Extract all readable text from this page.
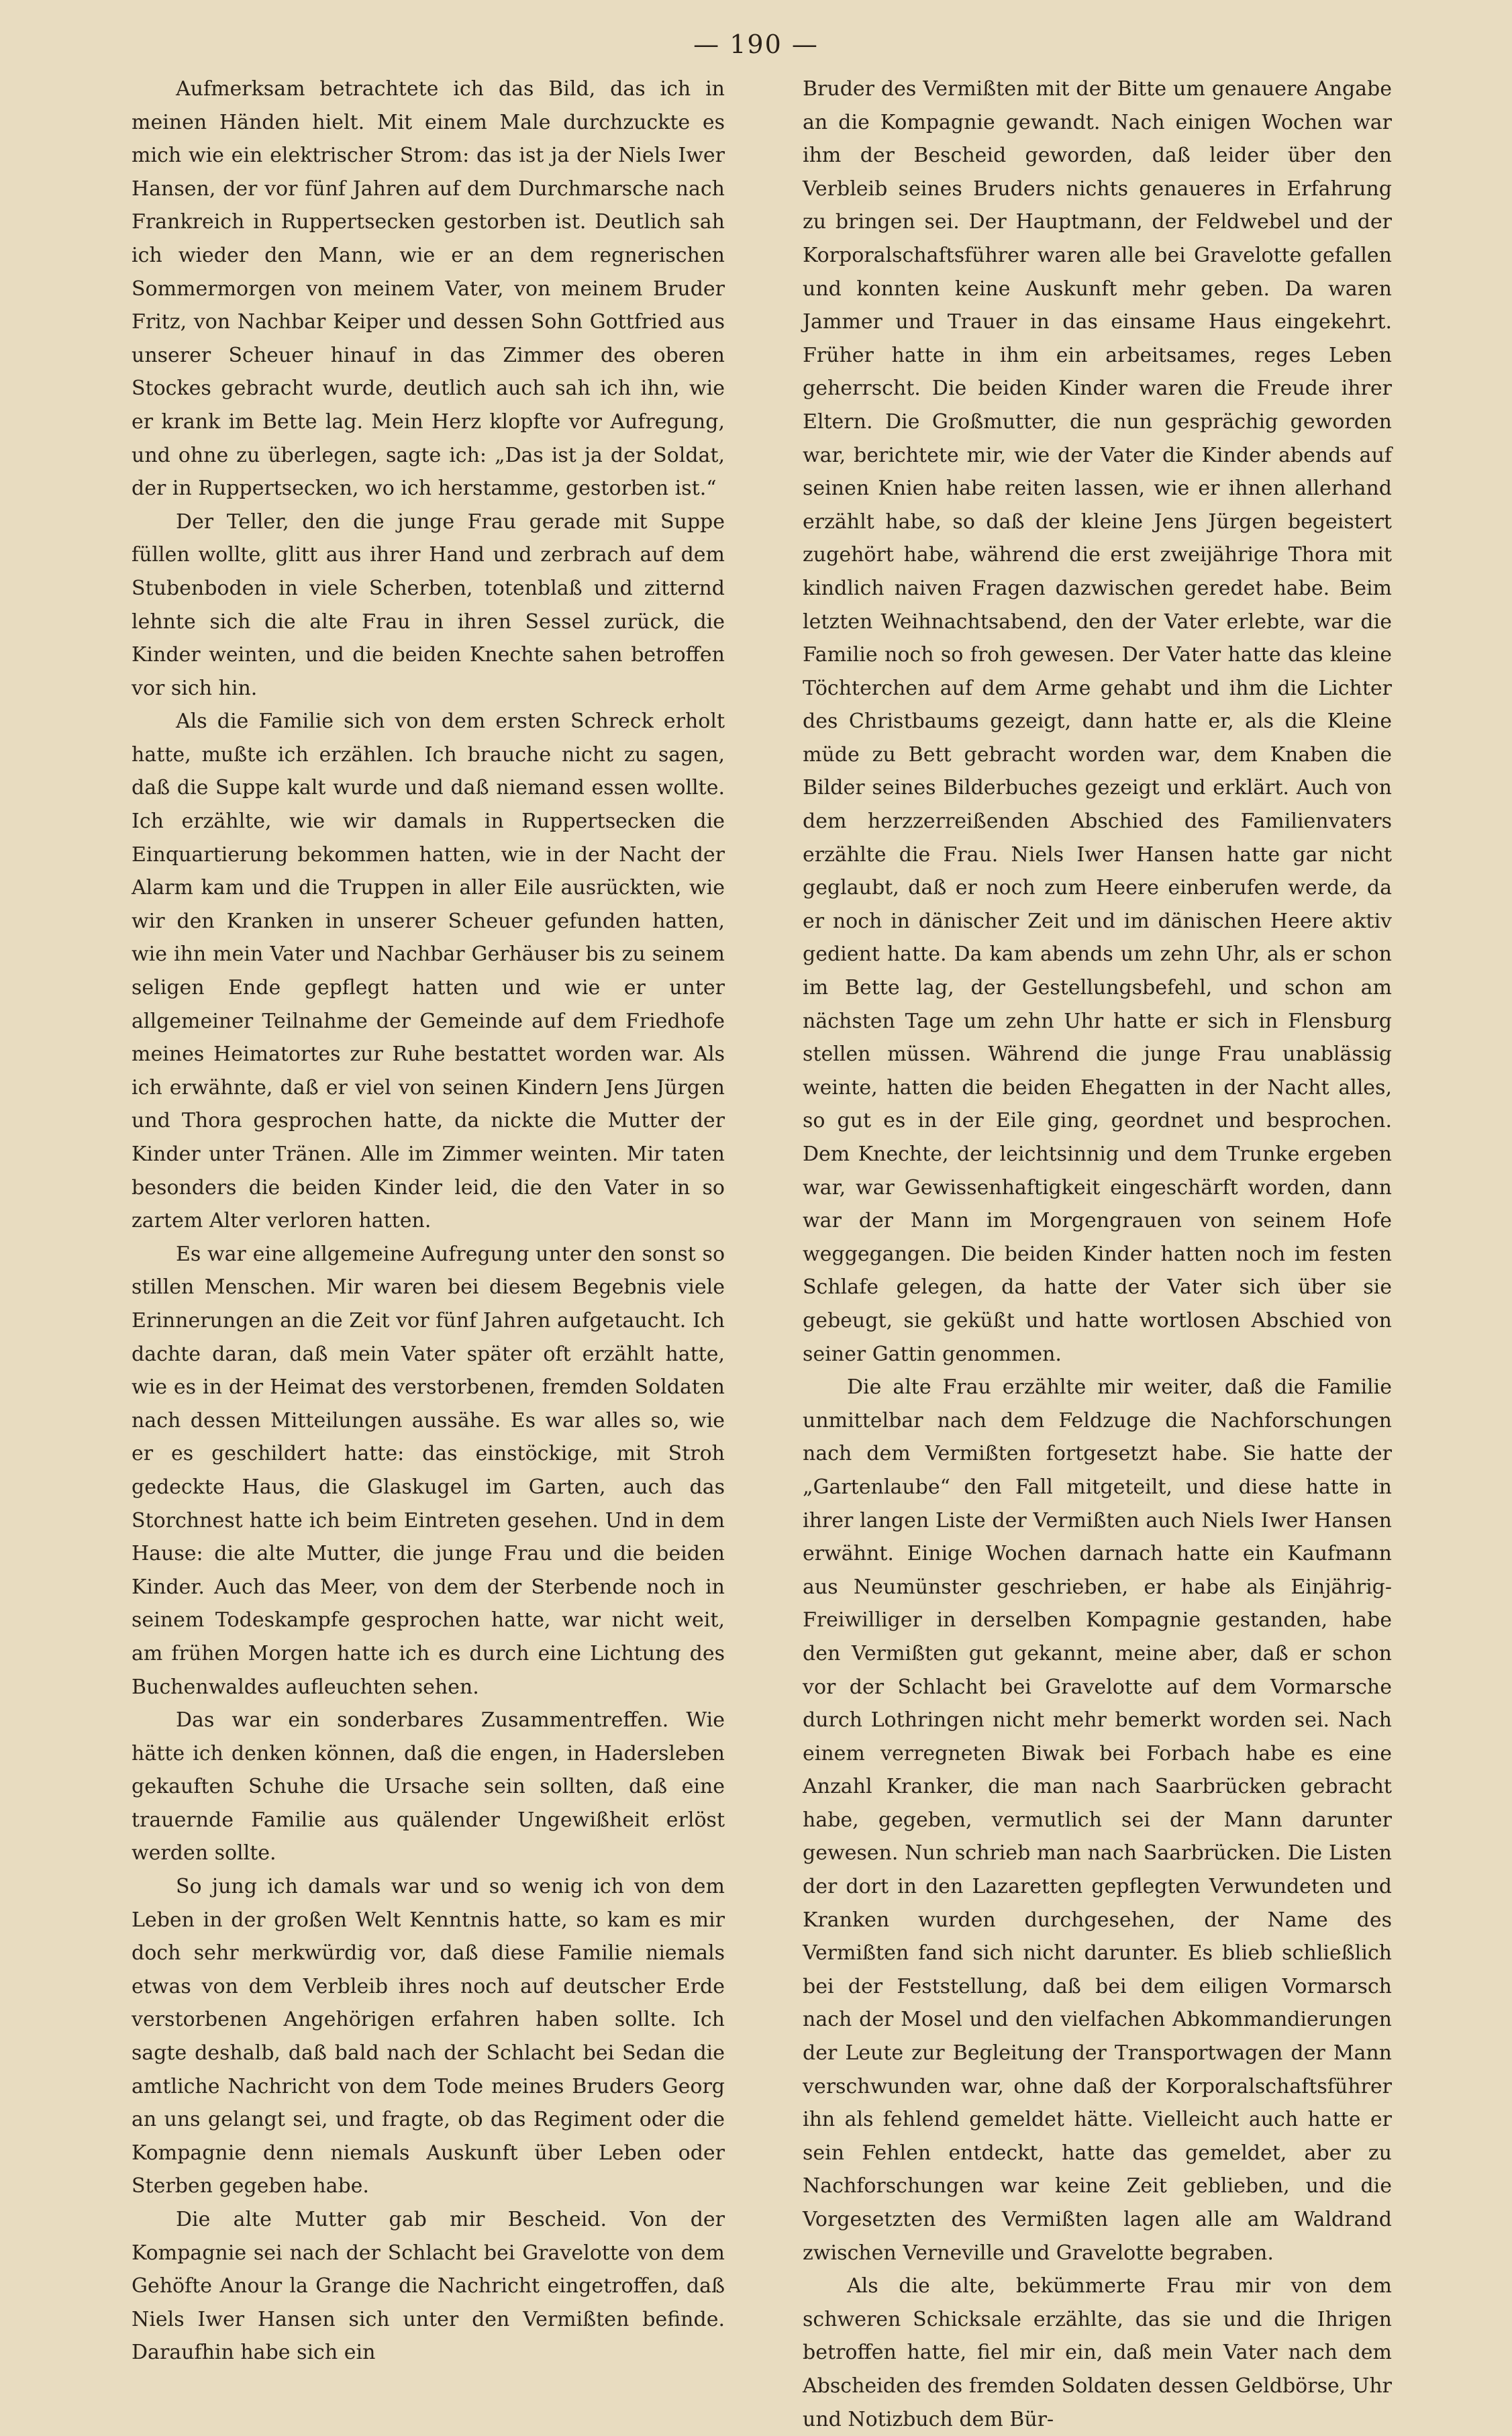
— 190 —

Aufmerksam betrachtete ich das Bild, das ich in meinen Händen hielt. Mit einem Male durchzuckte es mich wie ein elektrischer Strom: das ist ja der Niels Iwer Hansen, der vor fünf Jahren auf dem Durchmarsche nach Frankreich in Ruppertsecken gestorben ist. Deutlich sah ich wieder den Mann, wie er an dem regnerischen Sommermorgen von meinem Vater, von meinem Bruder Fritz, von Nachbar Keiper und dessen Sohn Gottfried aus unserer Scheuer hinauf in das Zimmer des oberen Stockes gebracht wurde, deutlich auch sah ich ihn, wie er krank im Bette lag. Mein Herz klopfte vor Aufregung, und ohne zu überlegen, sagte ich: „Das ist ja der Soldat, der in Ruppertsecken, wo ich herstamme, gestorben ist.“

Der Teller, den die junge Frau gerade mit Suppe füllen wollte, glitt aus ihrer Hand und zerbrach auf dem Stubenboden in viele Scherben, totenblaß und zitternd lehnte sich die alte Frau in ihren Sessel zurück, die Kinder weinten, und die beiden Knechte sahen betroffen vor sich hin.

Als die Familie sich von dem ersten Schreck erholt hatte, mußte ich erzählen. Ich brauche nicht zu sagen, daß die Suppe kalt wurde und daß niemand essen wollte. Ich erzählte, wie wir damals in Ruppertsecken die Einquartierung bekommen hatten, wie in der Nacht der Alarm kam und die Truppen in aller Eile ausrückten, wie wir den Kranken in unserer Scheuer gefunden hatten, wie ihn mein Vater und Nachbar Gerhäuser bis zu seinem seligen Ende gepflegt hatten und wie er unter allgemeiner Teilnahme der Gemeinde auf dem Friedhofe meines Heimatortes zur Ruhe bestattet worden war. Als ich erwähnte, daß er viel von seinen Kindern Jens Jürgen und Thora gesprochen hatte, da nickte die Mutter der Kinder unter Tränen. Alle im Zimmer weinten. Mir taten besonders die beiden Kinder leid, die den Vater in so zartem Alter verloren hatten.

Es war eine allgemeine Aufregung unter den sonst so stillen Menschen. Mir waren bei diesem Begebnis viele Erinnerungen an die Zeit vor fünf Jahren aufgetaucht. Ich dachte daran, daß mein Vater später oft erzählt hatte, wie es in der Heimat des verstorbenen, fremden Soldaten nach dessen Mitteilungen aussähe. Es war alles so, wie er es geschildert hatte: das einstöckige, mit Stroh gedeckte Haus, die Glaskugel im Garten, auch das Storchnest hatte ich beim Eintreten gesehen. Und in dem Hause: die alte Mutter, die junge Frau und die beiden Kinder. Auch das Meer, von dem der Sterbende noch in seinem Todeskampfe gesprochen hatte, war nicht weit, am frühen Morgen hatte ich es durch eine Lichtung des Buchenwaldes aufleuchten sehen.

Das war ein sonderbares Zusammentreffen. Wie hätte ich denken können, daß die engen, in Hadersleben gekauften Schuhe die Ursache sein sollten, daß eine trauernde Familie aus quälender Ungewißheit erlöst werden sollte.

So jung ich damals war und so wenig ich von dem Leben in der großen Welt Kenntnis hatte, so kam es mir doch sehr merkwürdig vor, daß diese Familie niemals etwas von dem Verbleib ihres noch auf deutscher Erde verstorbenen Angehörigen erfahren haben sollte. Ich sagte deshalb, daß bald nach der Schlacht bei Sedan die amtliche Nachricht von dem Tode meines Bruders Georg an uns gelangt sei, und fragte, ob das Regiment oder die Kompagnie denn niemals Auskunft über Leben oder Sterben gegeben habe.

Die alte Mutter gab mir Bescheid. Von der Kompagnie sei nach der Schlacht bei Gravelotte von dem Gehöfte Anour la Grange die Nachricht eingetroffen, daß Niels Iwer Hansen sich unter den Vermißten befinde. Daraufhin habe sich ein

Bruder des Vermißten mit der Bitte um genauere Angabe an die Kompagnie gewandt. Nach einigen Wochen war ihm der Bescheid geworden, daß leider über den Verbleib seines Bruders nichts genaueres in Erfahrung zu bringen sei. Der Hauptmann, der Feldwebel und der Korporalschaftsführer waren alle bei Gravelotte gefallen und konnten keine Auskunft mehr geben. Da waren Jammer und Trauer in das einsame Haus eingekehrt. Früher hatte in ihm ein arbeitsames, reges Leben geherrscht. Die beiden Kinder waren die Freude ihrer Eltern. Die Großmutter, die nun gesprächig geworden war, berichtete mir, wie der Vater die Kinder abends auf seinen Knien habe reiten lassen, wie er ihnen allerhand erzählt habe, so daß der kleine Jens Jürgen begeistert zugehört habe, während die erst zweijährige Thora mit kindlich naiven Fragen dazwischen geredet habe. Beim letzten Weihnachtsabend, den der Vater erlebte, war die Familie noch so froh gewesen. Der Vater hatte das kleine Töchterchen auf dem Arme gehabt und ihm die Lichter des Christbaums gezeigt, dann hatte er, als die Kleine müde zu Bett gebracht worden war, dem Knaben die Bilder seines Bilderbuches gezeigt und erklärt. Auch von dem herzzerreißenden Abschied des Familienvaters erzählte die Frau. Niels Iwer Hansen hatte gar nicht geglaubt, daß er noch zum Heere einberufen werde, da er noch in dänischer Zeit und im dänischen Heere aktiv gedient hatte. Da kam abends um zehn Uhr, als er schon im Bette lag, der Gestellungsbefehl, und schon am nächsten Tage um zehn Uhr hatte er sich in Flensburg stellen müssen. Während die junge Frau unablässig weinte, hatten die beiden Ehegatten in der Nacht alles, so gut es in der Eile ging, geordnet und besprochen. Dem Knechte, der leichtsinnig und dem Trunke ergeben war, war Gewissenhaftigkeit eingeschärft worden, dann war der Mann im Morgengrauen von seinem Hofe weggegangen. Die beiden Kinder hatten noch im festen Schlafe gelegen, da hatte der Vater sich über sie gebeugt, sie geküßt und hatte wortlosen Abschied von seiner Gattin genommen.

Die alte Frau erzählte mir weiter, daß die Familie unmittelbar nach dem Feldzuge die Nachforschungen nach dem Vermißten fortgesetzt habe. Sie hatte der „Gartenlaube“ den Fall mitgeteilt, und diese hatte in ihrer langen Liste der Vermißten auch Niels Iwer Hansen erwähnt. Einige Wochen darnach hatte ein Kaufmann aus Neumünster geschrieben, er habe als Einjährig-Freiwilliger in derselben Kompagnie gestanden, habe den Vermißten gut gekannt, meine aber, daß er schon vor der Schlacht bei Gravelotte auf dem Vormarsche durch Lothringen nicht mehr bemerkt worden sei. Nach einem verregneten Biwak bei Forbach habe es eine Anzahl Kranker, die man nach Saarbrücken gebracht habe, gegeben, vermutlich sei der Mann darunter gewesen. Nun schrieb man nach Saarbrücken. Die Listen der dort in den Lazaretten gepflegten Verwundeten und Kranken wurden durchgesehen, der Name des Vermißten fand sich nicht darunter. Es blieb schließlich bei der Feststellung, daß bei dem eiligen Vormarsch nach der Mosel und den vielfachen Abkommandierungen der Leute zur Begleitung der Transportwagen der Mann verschwunden war, ohne daß der Korporalschaftsführer ihn als fehlend gemeldet hätte. Vielleicht auch hatte er sein Fehlen entdeckt, hatte das gemeldet, aber zu Nachforschungen war keine Zeit geblieben, und die Vorgesetzten des Vermißten lagen alle am Waldrand zwischen Verneville und Gravelotte begraben.

Als die alte, bekümmerte Frau mir von dem schweren Schicksale erzählte, das sie und die Ihrigen betroffen hatte, fiel mir ein, daß mein Vater nach dem Abscheiden des fremden Soldaten dessen Geldbörse, Uhr und Notizbuch dem Bür-
